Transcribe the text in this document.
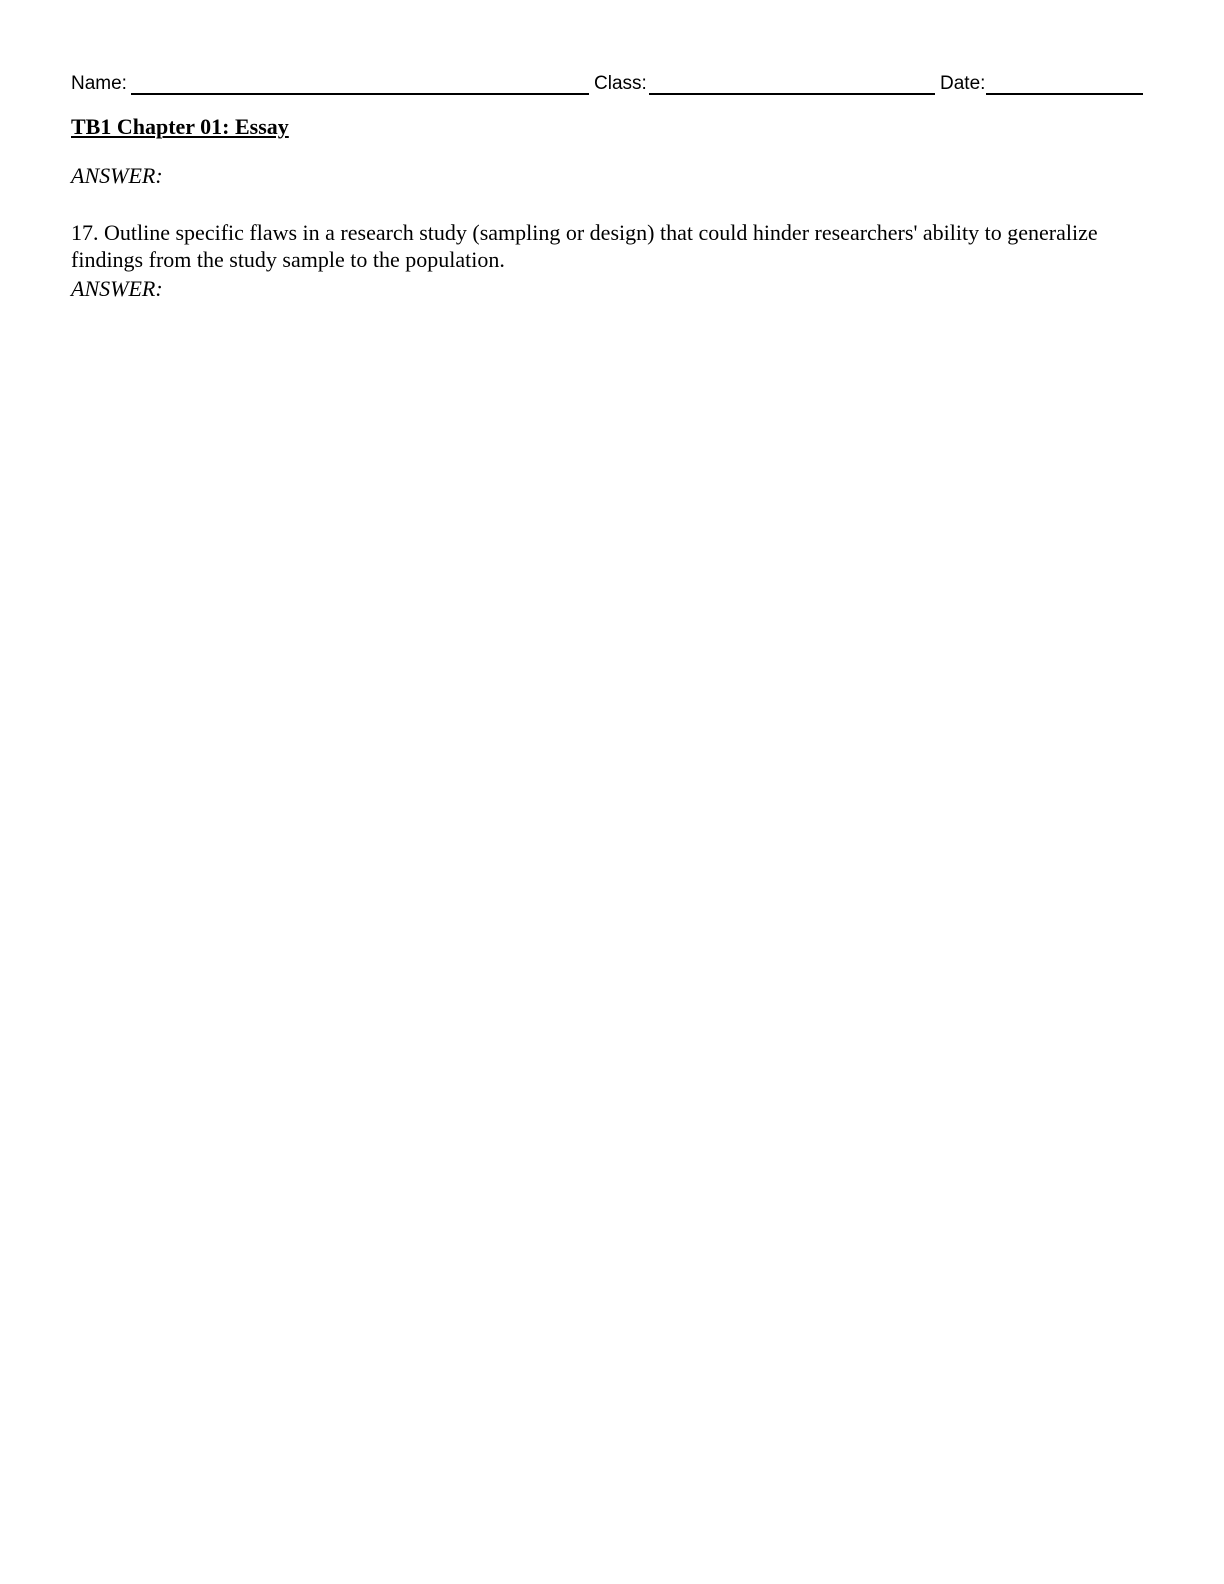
Name:	Class:	Date:
TB1 Chapter 01: Essay

ANSWER:

17. Outline specific flaws in a research study (sampling or design) that could hinder researchers' ability to generalize findings from the study sample to the population.

ANSWER:
